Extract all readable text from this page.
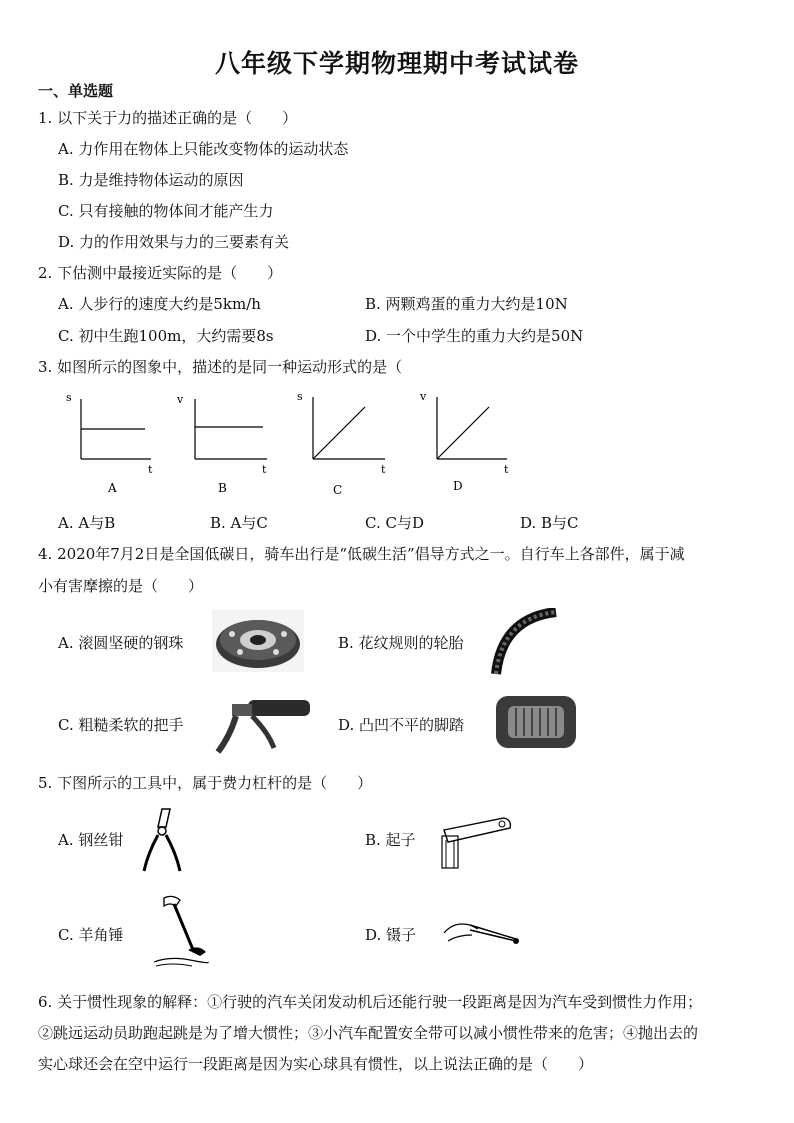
八年级下学期物理期中考试试卷
一、单选题
1. 以下关于力的描述正确的是（　　）
A. 力作用在物体上只能改变物体的运动状态
B. 力是维持物体运动的原因
C. 只有接触的物体间才能产生力
D. 力的作用效果与力的三要素有关
2. 下估测中最接近实际的是（　　）
A. 人步行的速度大约是5km/h	B. 两颗鸡蛋的重力大约是10N
C. 初中生跑100m，大约需要8s	D. 一个中学生的重力大约是50N
3. 如图所示的图象中，描述的是同一种运动形式的是（
s
t
A
v
t
B
s
t
C
v
t
D
A. A与B	B. A与C	C. C与D	D. B与C
4. 2020年7月2日是全国低碳日，骑车出行是“低碳生活”倡导方式之一。自行车上各部件，属于减
小有害摩擦的是（　　）
A. 滚圆坚硬的钢珠	B. 花纹规则的轮胎
C. 粗糙柔软的把手	D. 凸凹不平的脚踏
5. 下图所示的工具中，属于费力杠杆的是（　　）
A. 钢丝钳	B. 起子
C. 羊角锤	D. 镊子
6. 关于惯性现象的解释：①行驶的汽车关闭发动机后还能行驶一段距离是因为汽车受到惯性力作用；
②跳远运动员助跑起跳是为了增大惯性；③小汽车配置安全带可以减小惯性带来的危害；④抛出去的
实心球还会在空中运行一段距离是因为实心球具有惯性，以上说法正确的是（　　）
